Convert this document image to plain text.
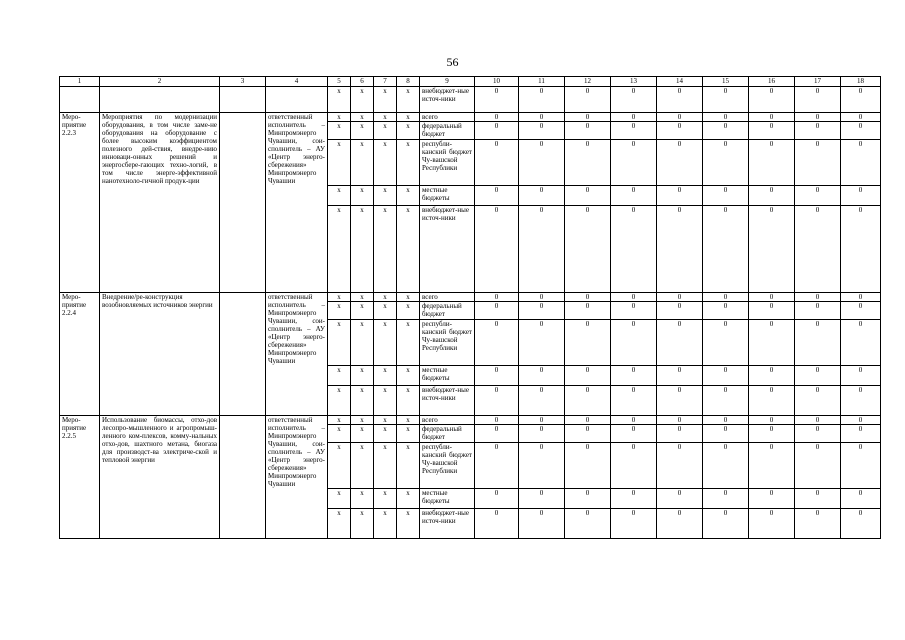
56
1	2	3	4	5	6	7	8	9	10	11	12	13	14	15	16	17	18
				x	x	x	x	внебюджет-ные источ-ники	0	0	0	0	0	0	0	0	0
Меро-приятие 2.2.3	Мероприятия по модернизации оборудования, в том числе заме-не оборудования на оборудование с более высоким коэффициентом полезного дей-ствия, внедре-нию инноваци-онных решений и энергосбере-гающих техно-логий, в том числе энерге-эффективной нанотехноло-гичной продук-ции		ответственный исполнитель – Минпромэнерго Чувашии, сои-сполнитель – АУ «Центр энерго-сбережения» Минпромэнерго Чувашии	x	x	x	x	всего	0	0	0	0	0	0	0	0	0
				x	x	x	x	федеральный бюджет	0	0	0	0	0	0	0	0	0
				x	x	x	x	республи-канский бюджет Чу-вашской Республики	0	0	0	0	0	0	0	0	0
				x	x	x	x	местные бюджеты	0	0	0	0	0	0	0	0	0
				x	x	x	x	внебюджет-ные источ-ники	0	0	0	0	0	0	0	0	0
Меро-приятие 2.2.4	Внедрение/ре-конструкция возобновляемых источников энергии		ответственный исполнитель – Минпромэнерго Чувашии, сои-сполнитель – АУ «Центр энерго-сбережения» Минпромэнерго Чувашии	x	x	x	x	всего	0	0	0	0	0	0	0	0	0
				x	x	x	x	федеральный бюджет	0	0	0	0	0	0	0	0	0
				x	x	x	x	республи-канский бюджет Чу-вашской Республики	0	0	0	0	0	0	0	0	0
				x	x	x	x	местные бюджеты	0	0	0	0	0	0	0	0	0
				x	x	x	x	внебюджет-ные источ-ники	0	0	0	0	0	0	0	0	0
Меро-приятие 2.2.5	Использование биомассы, отхо-дов лесопро-мышленного и агропромыш-ленного ком-плексов, комму-нальных отхо-дов, шахтного метана, биогаза для производст-ва электриче-ской и тепловой энергии		ответственный исполнитель – Минпромэнерго Чувашии, сои-сполнитель – АУ «Центр энерго-сбережения» Минпромэнерго Чувашии	x	x	x	x	всего	0	0	0	0	0	0	0	0	0
				x	x	x	x	федеральный бюджет	0	0	0	0	0	0	0	0	0
				x	x	x	x	республи-канский бюджет Чу-вашской Республики	0	0	0	0	0	0	0	0	0
				x	x	x	x	местные бюджеты	0	0	0	0	0	0	0	0	0
				x	x	x	x	внебюджет-ные источ-ники	0	0	0	0	0	0	0	0	0
